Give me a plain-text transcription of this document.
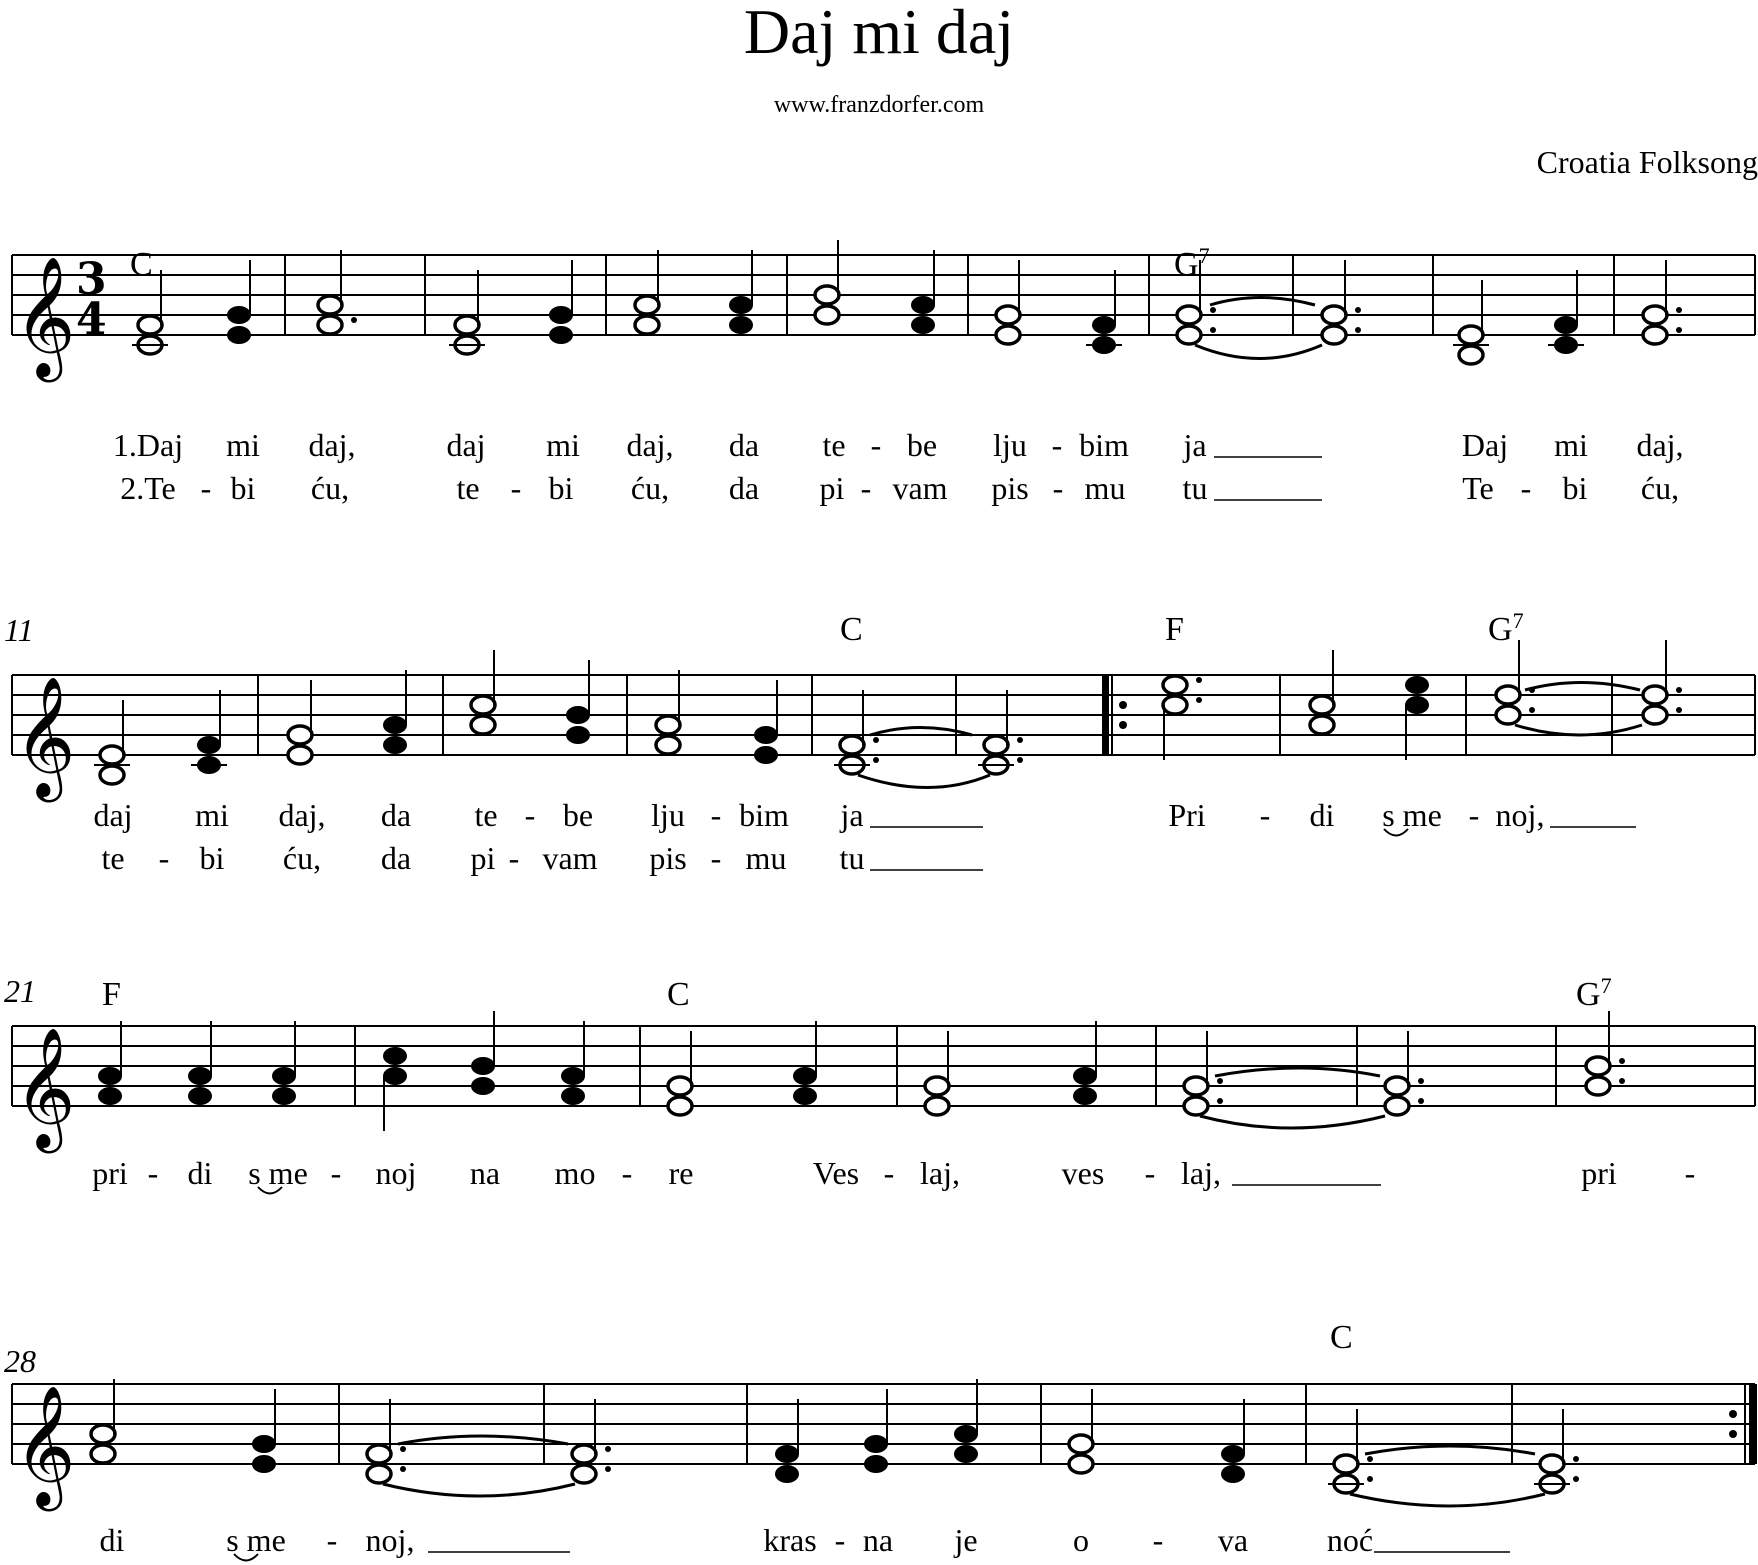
Daj mi daj
www.franzdorfer.com
Croatia Folksong
𝄞 3
4
C	$G^7$
1.Daj mi daj,	daj mi daj, da te - be lju - bim ja	Daj mi daj,
2.Te - bi ću,	te - bi ću, da pi - vam pis - mu tu	Te - bi ću,
11
𝄞
C	F	$G^7$
daj mi daj, da te - be lju - bim ja	Pri - di s me - noj,
te - bi ću, da pi - vam pis - mu tu
21
𝄞
F	C	$G^7$
pri - di s me - noj na mo - re	Ves - laj,	ves - laj,	pri -
28
𝄞
C
di	s me - noj,	kras - na je	o - va noć
